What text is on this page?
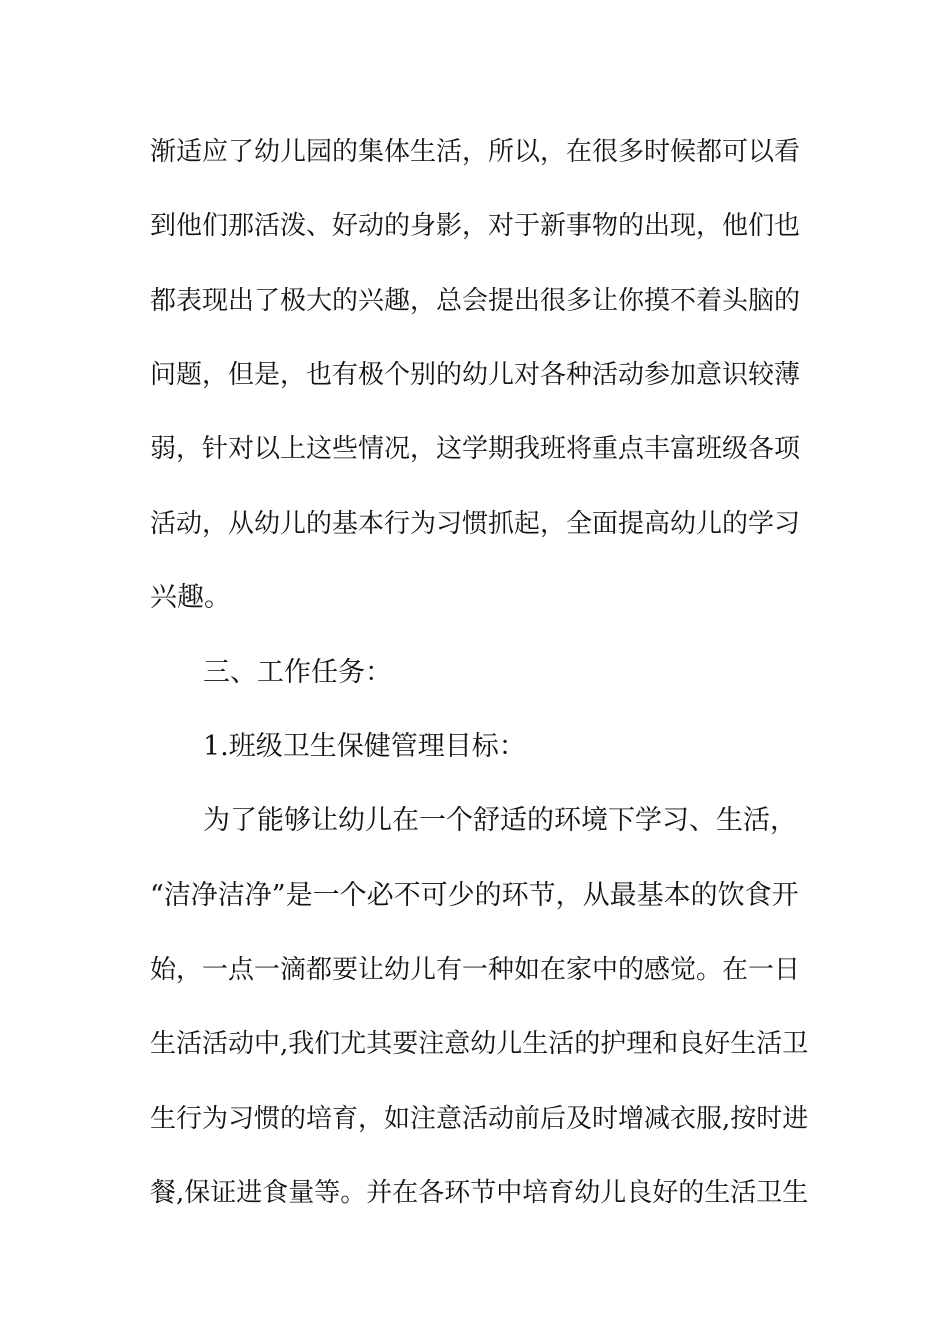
渐适应了幼儿园的集体生活，所以，在很多时候都可以看
到他们那活泼、好动的身影，对于新事物的出现，他们也
都表现出了极大的兴趣，总会提出很多让你摸不着头脑的
问题，但是，也有极个别的幼儿对各种活动参加意识较薄
弱，针对以上这些情况，这学期我班将重点丰富班级各项
活动，从幼儿的基本行为习惯抓起，全面提高幼儿的学习
兴趣。
三、工作任务：
1.班级卫生保健管理目标：
为了能够让幼儿在一个舒适的环境下学习、生活，
“洁净洁净”是一个必不可少的环节，从最基本的饮食开
始，一点一滴都要让幼儿有一种如在家中的感觉。在一日
生活活动中,我们尤其要注意幼儿生活的护理和良好生活卫
生行为习惯的培育，如注意活动前后及时增减衣服,按时进
餐,保证进食量等。并在各环节中培育幼儿良好的生活卫生
